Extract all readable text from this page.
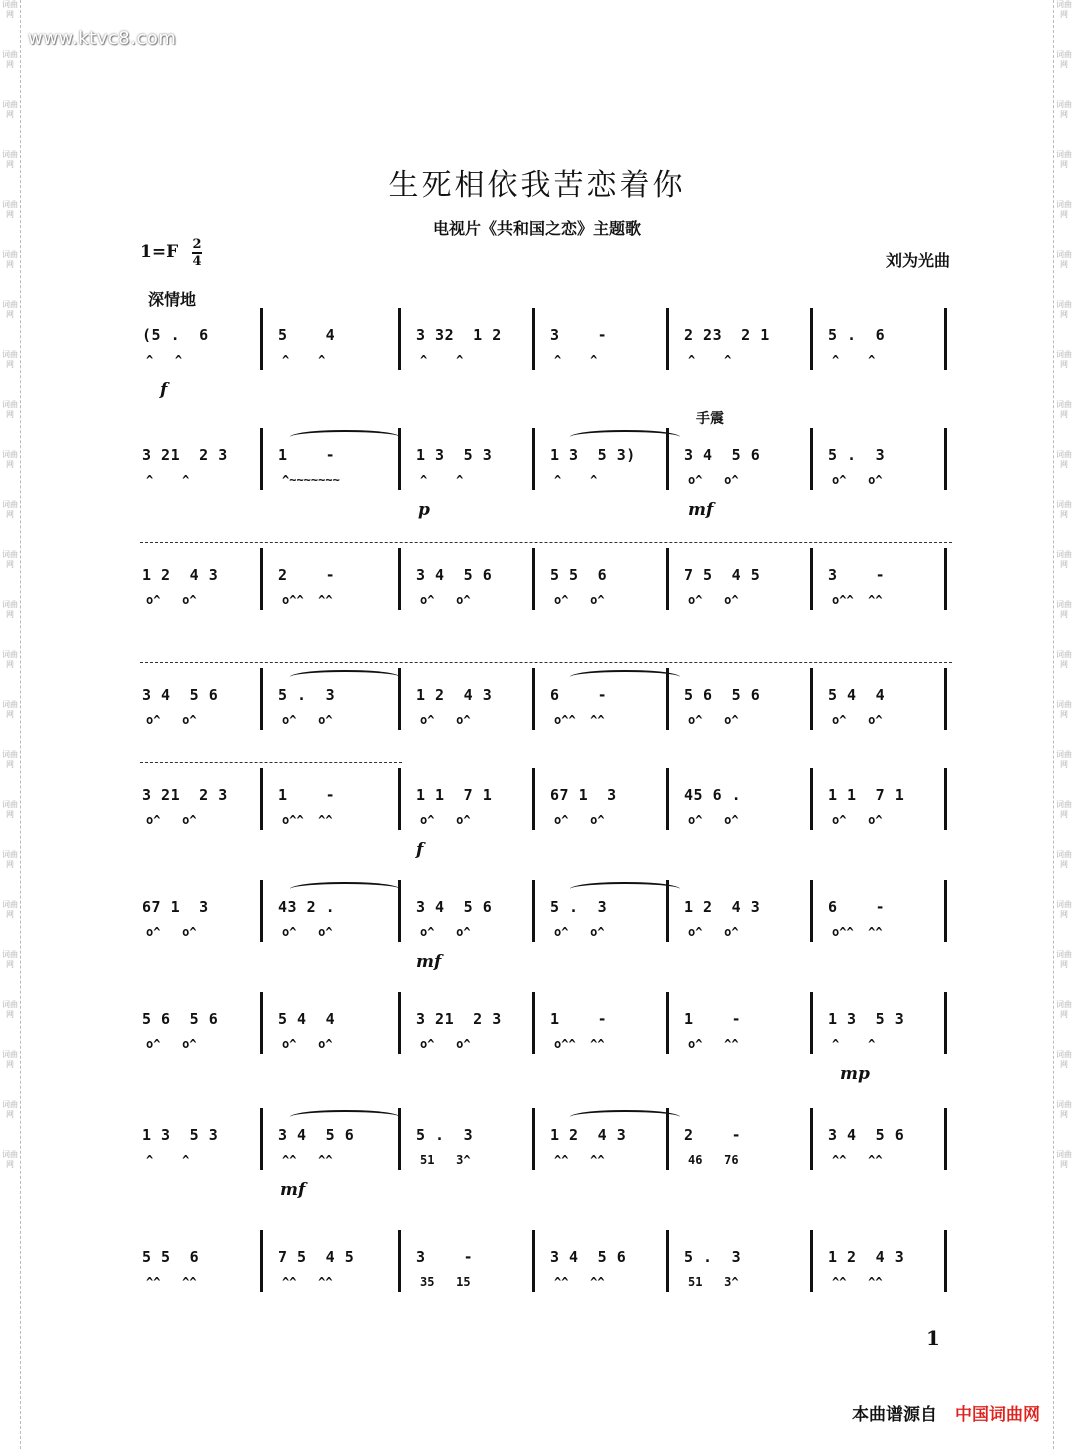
词曲网
词曲网
词曲网
词曲网
词曲网
词曲网
词曲网
词曲网
词曲网
词曲网
词曲网
词曲网
词曲网
词曲网
词曲网
词曲网
词曲网
词曲网
词曲网
词曲网
词曲网
词曲网
词曲网
词曲网
词曲网
词曲网
词曲网
词曲网
词曲网
词曲网
词曲网
词曲网
词曲网
词曲网
词曲网
词曲网
词曲网
词曲网
词曲网
词曲网
词曲网
词曲网
词曲网
词曲网
词曲网
词曲网
词曲网
词曲网
www.ktvc8.com
生死相依我苦恋着你
电视片《共和国之恋》主题歌
1=F 2
4	刘为光曲
深情地
(5 .  6
^   ^
5    4
^    ^
3 32  1 2
^    ^
3    -
^    ^
2 23  2 1
^    ^
5 .  6
^    ^
f
3 21  2 3
^    ^
1    -
^~~~~~~~
1 3  5 3
^    ^
1 3  5 3)
^    ^
3 4  5 6
o^   o^
5 .  3
o^   o^
p	mf
1 2  4 3
o^   o^
2    -
o^^  ^^
3 4  5 6
o^   o^
5 5  6
o^   o^
7 5  4 5
o^   o^
3    -
o^^  ^^
3 4  5 6
o^   o^
5 .  3
o^   o^
1 2  4 3
o^   o^
6    -
o^^  ^^
5 6  5 6
o^   o^
5 4  4
o^   o^
3 21  2 3
o^   o^
1    -
o^^  ^^
1 1  7 1
o^   o^
67 1  3
o^   o^
45 6 .
o^   o^
1 1  7 1
o^   o^
f
67 1  3
o^   o^
43 2 .
o^   o^
3 4  5 6
o^   o^
5 .  3
o^   o^
1 2  4 3
o^   o^
6    -
o^^  ^^
mf
5 6  5 6
o^   o^
5 4  4
o^   o^
3 21  2 3
o^   o^
1    -
o^^  ^^
1    -
o^   ^^
1 3  5 3
^    ^
mp
1 3  5 3
^    ^
3 4  5 6
^^   ^^
5 .  3
51   3^
1 2  4 3
^^   ^^
2    -
46   76
3 4  5 6
^^   ^^
mf
5 5  6
^^   ^^
7 5  4 5
^^   ^^
3    -
35   15
3 4  5 6
^^   ^^
5 .  3
51   3^
1 2  4 3
^^   ^^
手震
1
本曲谱源自 中国词曲网
